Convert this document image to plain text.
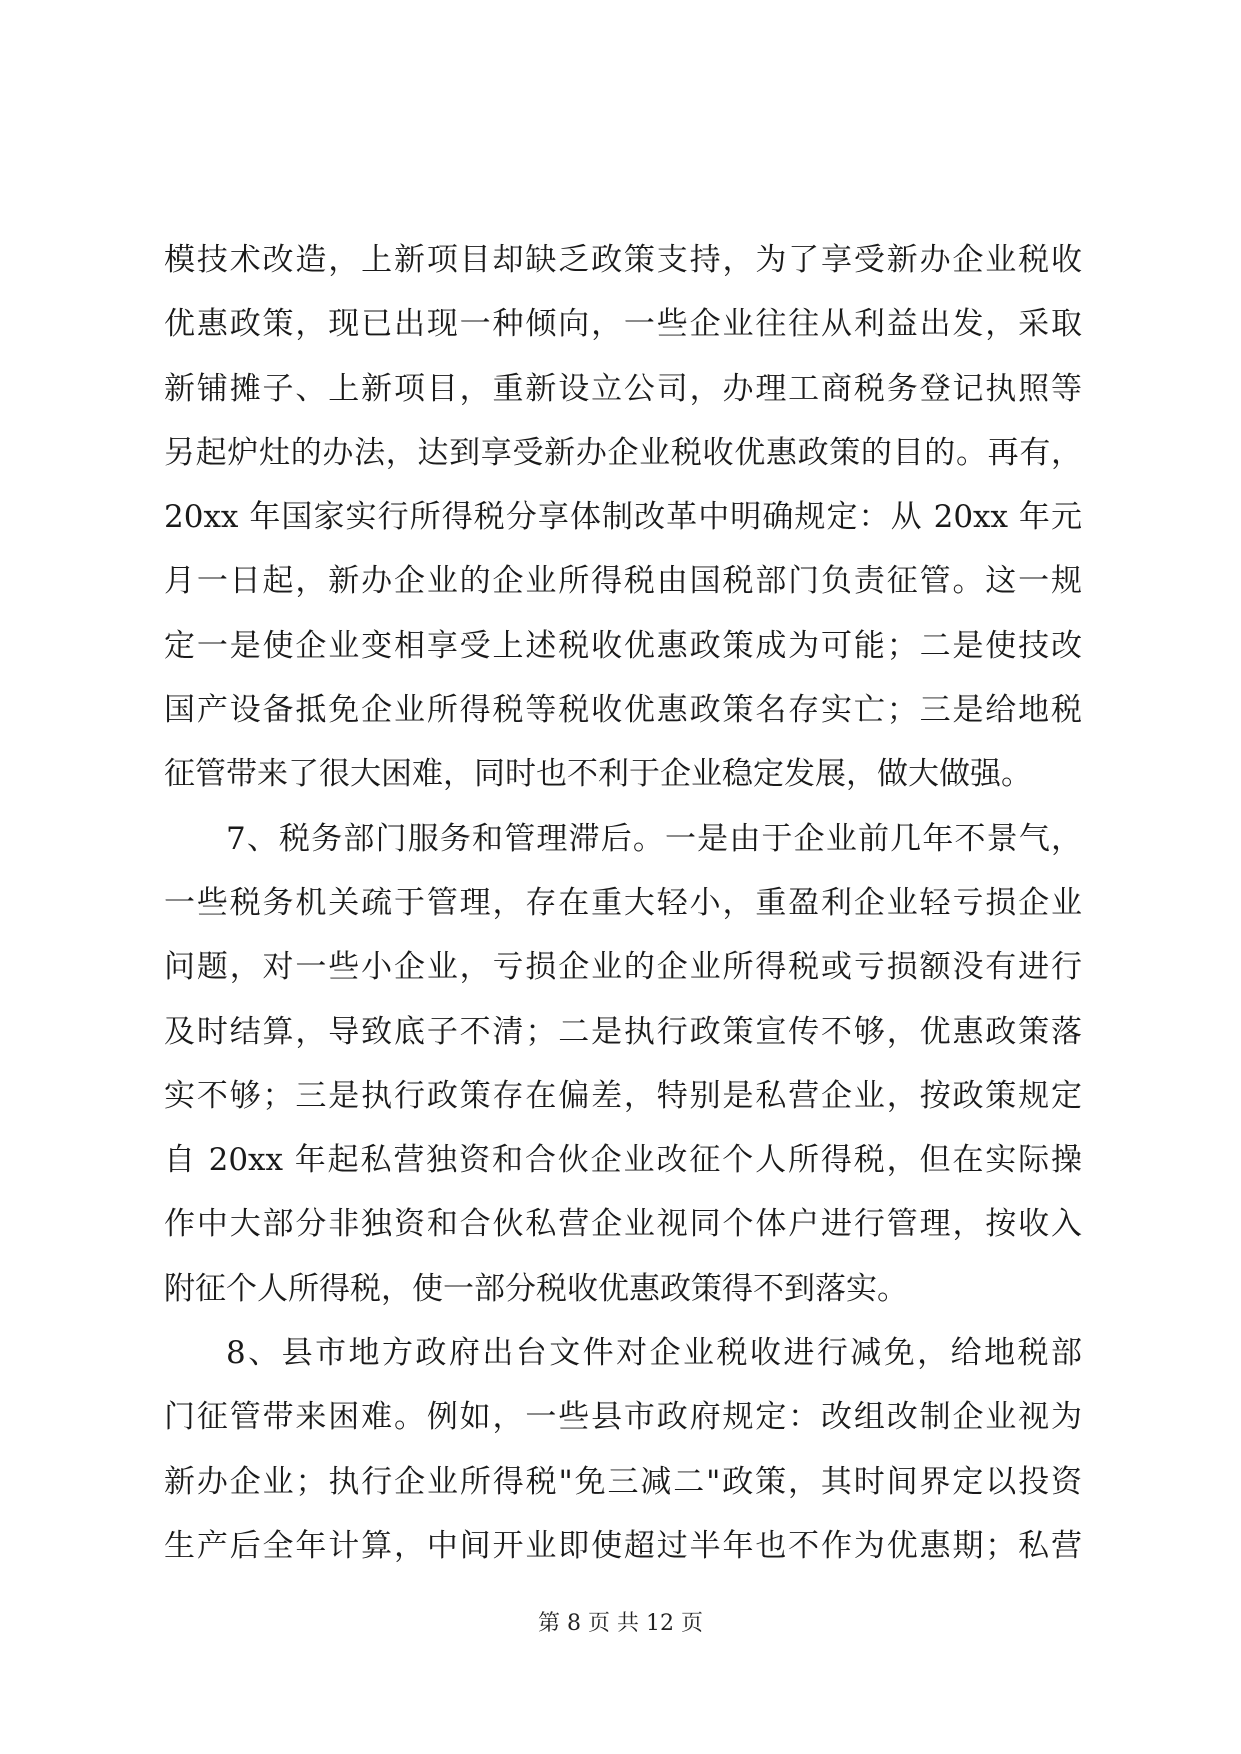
模技术改造，上新项目却缺乏政策支持，为了享受新办企业税收
优惠政策，现已出现一种倾向，一些企业往往从利益出发，采取
新铺摊子、上新项目，重新设立公司，办理工商税务登记执照等
另起炉灶的办法，达到享受新办企业税收优惠政策的目的。再有，
20xx 年国家实行所得税分享体制改革中明确规定：从 20xx 年元
月一日起，新办企业的企业所得税由国税部门负责征管。这一规
定一是使企业变相享受上述税收优惠政策成为可能；二是使技改
国产设备抵免企业所得税等税收优惠政策名存实亡；三是给地税
征管带来了很大困难，同时也不利于企业稳定发展，做大做强。
7、税务部门服务和管理滞后。一是由于企业前几年不景气，
一些税务机关疏于管理，存在重大轻小，重盈利企业轻亏损企业
问题，对一些小企业，亏损企业的企业所得税或亏损额没有进行
及时结算，导致底子不清；二是执行政策宣传不够，优惠政策落
实不够；三是执行政策存在偏差，特别是私营企业，按政策规定
自 20xx 年起私营独资和合伙企业改征个人所得税，但在实际操
作中大部分非独资和合伙私营企业视同个体户进行管理，按收入
附征个人所得税，使一部分税收优惠政策得不到落实。
8、县市地方政府出台文件对企业税收进行减免，给地税部
门征管带来困难。例如，一些县市政府规定：改组改制企业视为
新办企业；执行企业所得税"免三减二"政策，其时间界定以投资
生产后全年计算，中间开业即使超过半年也不作为优惠期；私营
第 8 页 共 12 页
